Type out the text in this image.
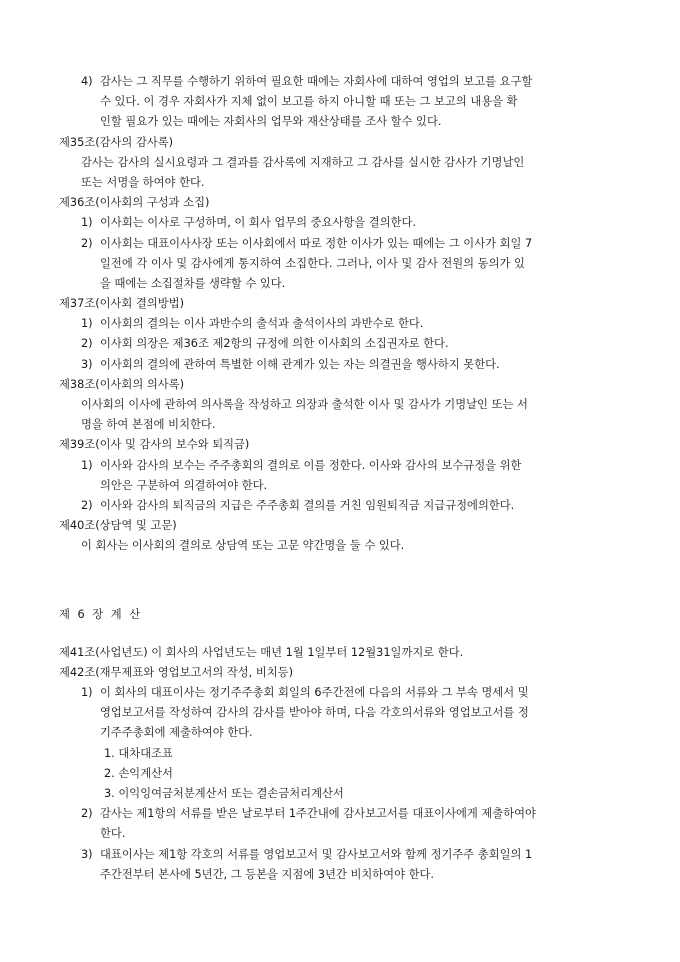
4) 감사는 그 직무를 수행하기 위하여 필요한 때에는 자회사에 대하여 영업의 보고를 요구할
수 있다. 이 경우 자회사가 지체 없이 보고를 하지 아니할 때 또는 그 보고의 내용을 확
인할 필요가 있는 때에는 자회사의 업무와 재산상태를 조사 할수 있다.
제35조(감사의 감사록)
감사는 감사의 실시요령과 그 결과를 감사록에 지재하고 그 감사를 실시한 감사가 기명날인
또는 서명을 하여야 한다.
제36조(이사회의 구성과 소집)
1) 이사회는 이사로 구성하며, 이 회사 업무의 중요사항을 결의한다.
2) 이사회는 대표이사사장 또는 이사회에서 따로 정한 이사가 있는 때에는 그 이사가 회일 7
일전에 각 이사 및 감사에게 통지하여 소집한다. 그러나, 이사 및 감사 전원의 동의가 있
을 때에는 소집절차를 생략할 수 있다.
제37조(이사회 결의방법)
1) 이사회의 결의는 이사 과반수의 출석과 출석이사의 과반수로 한다.
2) 이사회 의장은 제36조 제2항의 규정에 의한 이사회의 소집권자로 한다.
3) 이사회의 결의에 관하여 특별한 이해 관계가 있는 자는 의결권을 행사하지 못한다.
제38조(이사회의 의사록)
이사회의 이사에 관하여 의사록을 작성하고 의장과 출석한 이사 및 감사가 기명날인 또는 서
명을 하여 본점에 비치한다.
제39조(이사 및 감사의 보수와 퇴직금)
1) 이사와 감사의 보수는 주주총회의 결의로 이를 정한다. 이사와 감사의 보수규정을 위한
의안은 구분하여 의결하여야 한다.
2) 이사와 감사의 퇴직금의 지급은 주주총회 결의를 거친 임원퇴직금 지급규정에의한다.
제40조(상담역 및 고문)
이 회사는 이사회의 결의로 상담역 또는 고문 약간명을 둘 수 있다.
제 6 장 계 산
제41조(사업년도) 이 회사의 사업년도는 매년 1월 1일부터 12월31일까지로 한다.
제42조(재무제표와 영업보고서의 작성, 비치등)
1) 이 회사의 대표이사는 정기주주총회 회일의 6주간전에 다음의 서류와 그 부속 명세서 및
영업보고서를 작성하여 감사의 감사를 받아야 하며, 다음 각호의서류와 영업보고서를 정
기주주총회에 제출하여야 한다.
1. 대차대조표
2. 손익계산서
3. 이익잉여금처분계산서 또는 결손금처리계산서
2) 감사는 제1항의 서류를 받은 날로부터 1주간내에 감사보고서를 대표이사에게 제출하여야
한다.
3) 대표이사는 제1항 각호의 서류를 영업보고서 및 감사보고서와 함께 정기주주 총회일의 1
주간전부터 본사에 5년간, 그 등본을 지점에 3년간 비치하여야 한다.
